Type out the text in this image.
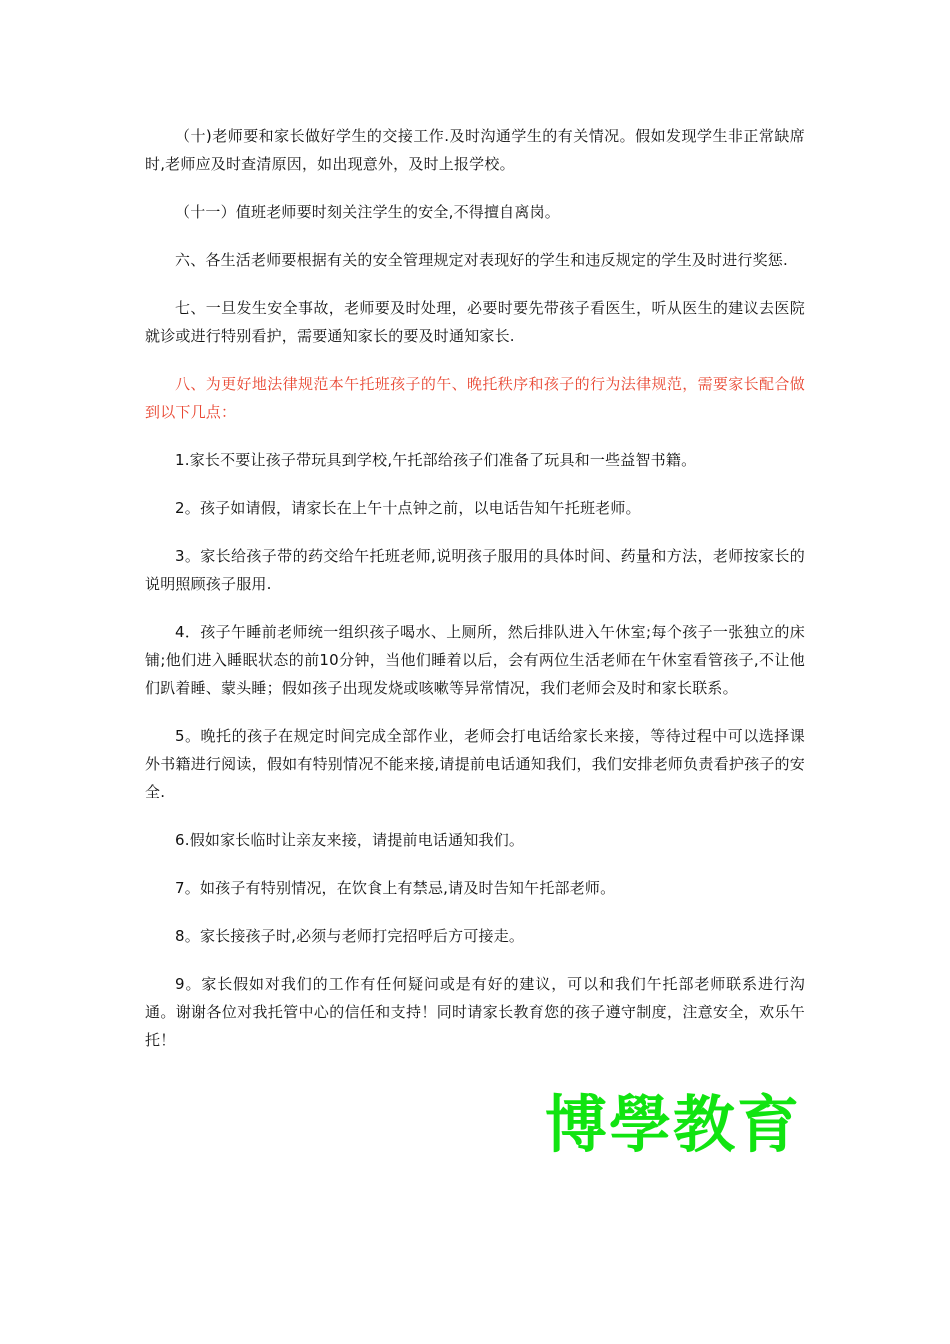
（十)老师要和家长做好学生的交接工作.及时沟通学生的有关情况。假如发现学生非正常缺席时,老师应及时查清原因，如出现意外，及时上报学校。

（十一）值班老师要时刻关注学生的安全,不得擅自离岗。

六、各生活老师要根据有关的安全管理规定对表现好的学生和违反规定的学生及时进行奖惩.

七、一旦发生安全事故，老师要及时处理，必要时要先带孩子看医生，听从医生的建议去医院就诊或进行特别看护，需要通知家长的要及时通知家长.

八、为更好地法律规范本午托班孩子的午、晚托秩序和孩子的行为法律规范，需要家长配合做到以下几点：

1.家长不要让孩子带玩具到学校,午托部给孩子们准备了玩具和一些益智书籍。

2。孩子如请假，请家长在上午十点钟之前，以电话告知午托班老师。

3。家长给孩子带的药交给午托班老师,说明孩子服用的具体时间、药量和方法，老师按家长的说明照顾孩子服用.

4．孩子午睡前老师统一组织孩子喝水、上厕所，然后排队进入午休室;每个孩子一张独立的床铺;他们进入睡眠状态的前10分钟，当他们睡着以后，会有两位生活老师在午休室看管孩子,不让他们趴着睡、蒙头睡；假如孩子出现发烧或咳嗽等异常情况，我们老师会及时和家长联系。

5。晚托的孩子在规定时间完成全部作业，老师会打电话给家长来接，等待过程中可以选择课外书籍进行阅读，假如有特别情况不能来接,请提前电话通知我们，我们安排老师负责看护孩子的安全.

6.假如家长临时让亲友来接，请提前电话通知我们。

7。如孩子有特别情况，在饮食上有禁忌,请及时告知午托部老师。

8。家长接孩子时,必须与老师打完招呼后方可接走。

9。家长假如对我们的工作有任何疑问或是有好的建议，可以和我们午托部老师联系进行沟通。谢谢各位对我托管中心的信任和支持！同时请家长教育您的孩子遵守制度，注意安全，欢乐午托！

博學教育
